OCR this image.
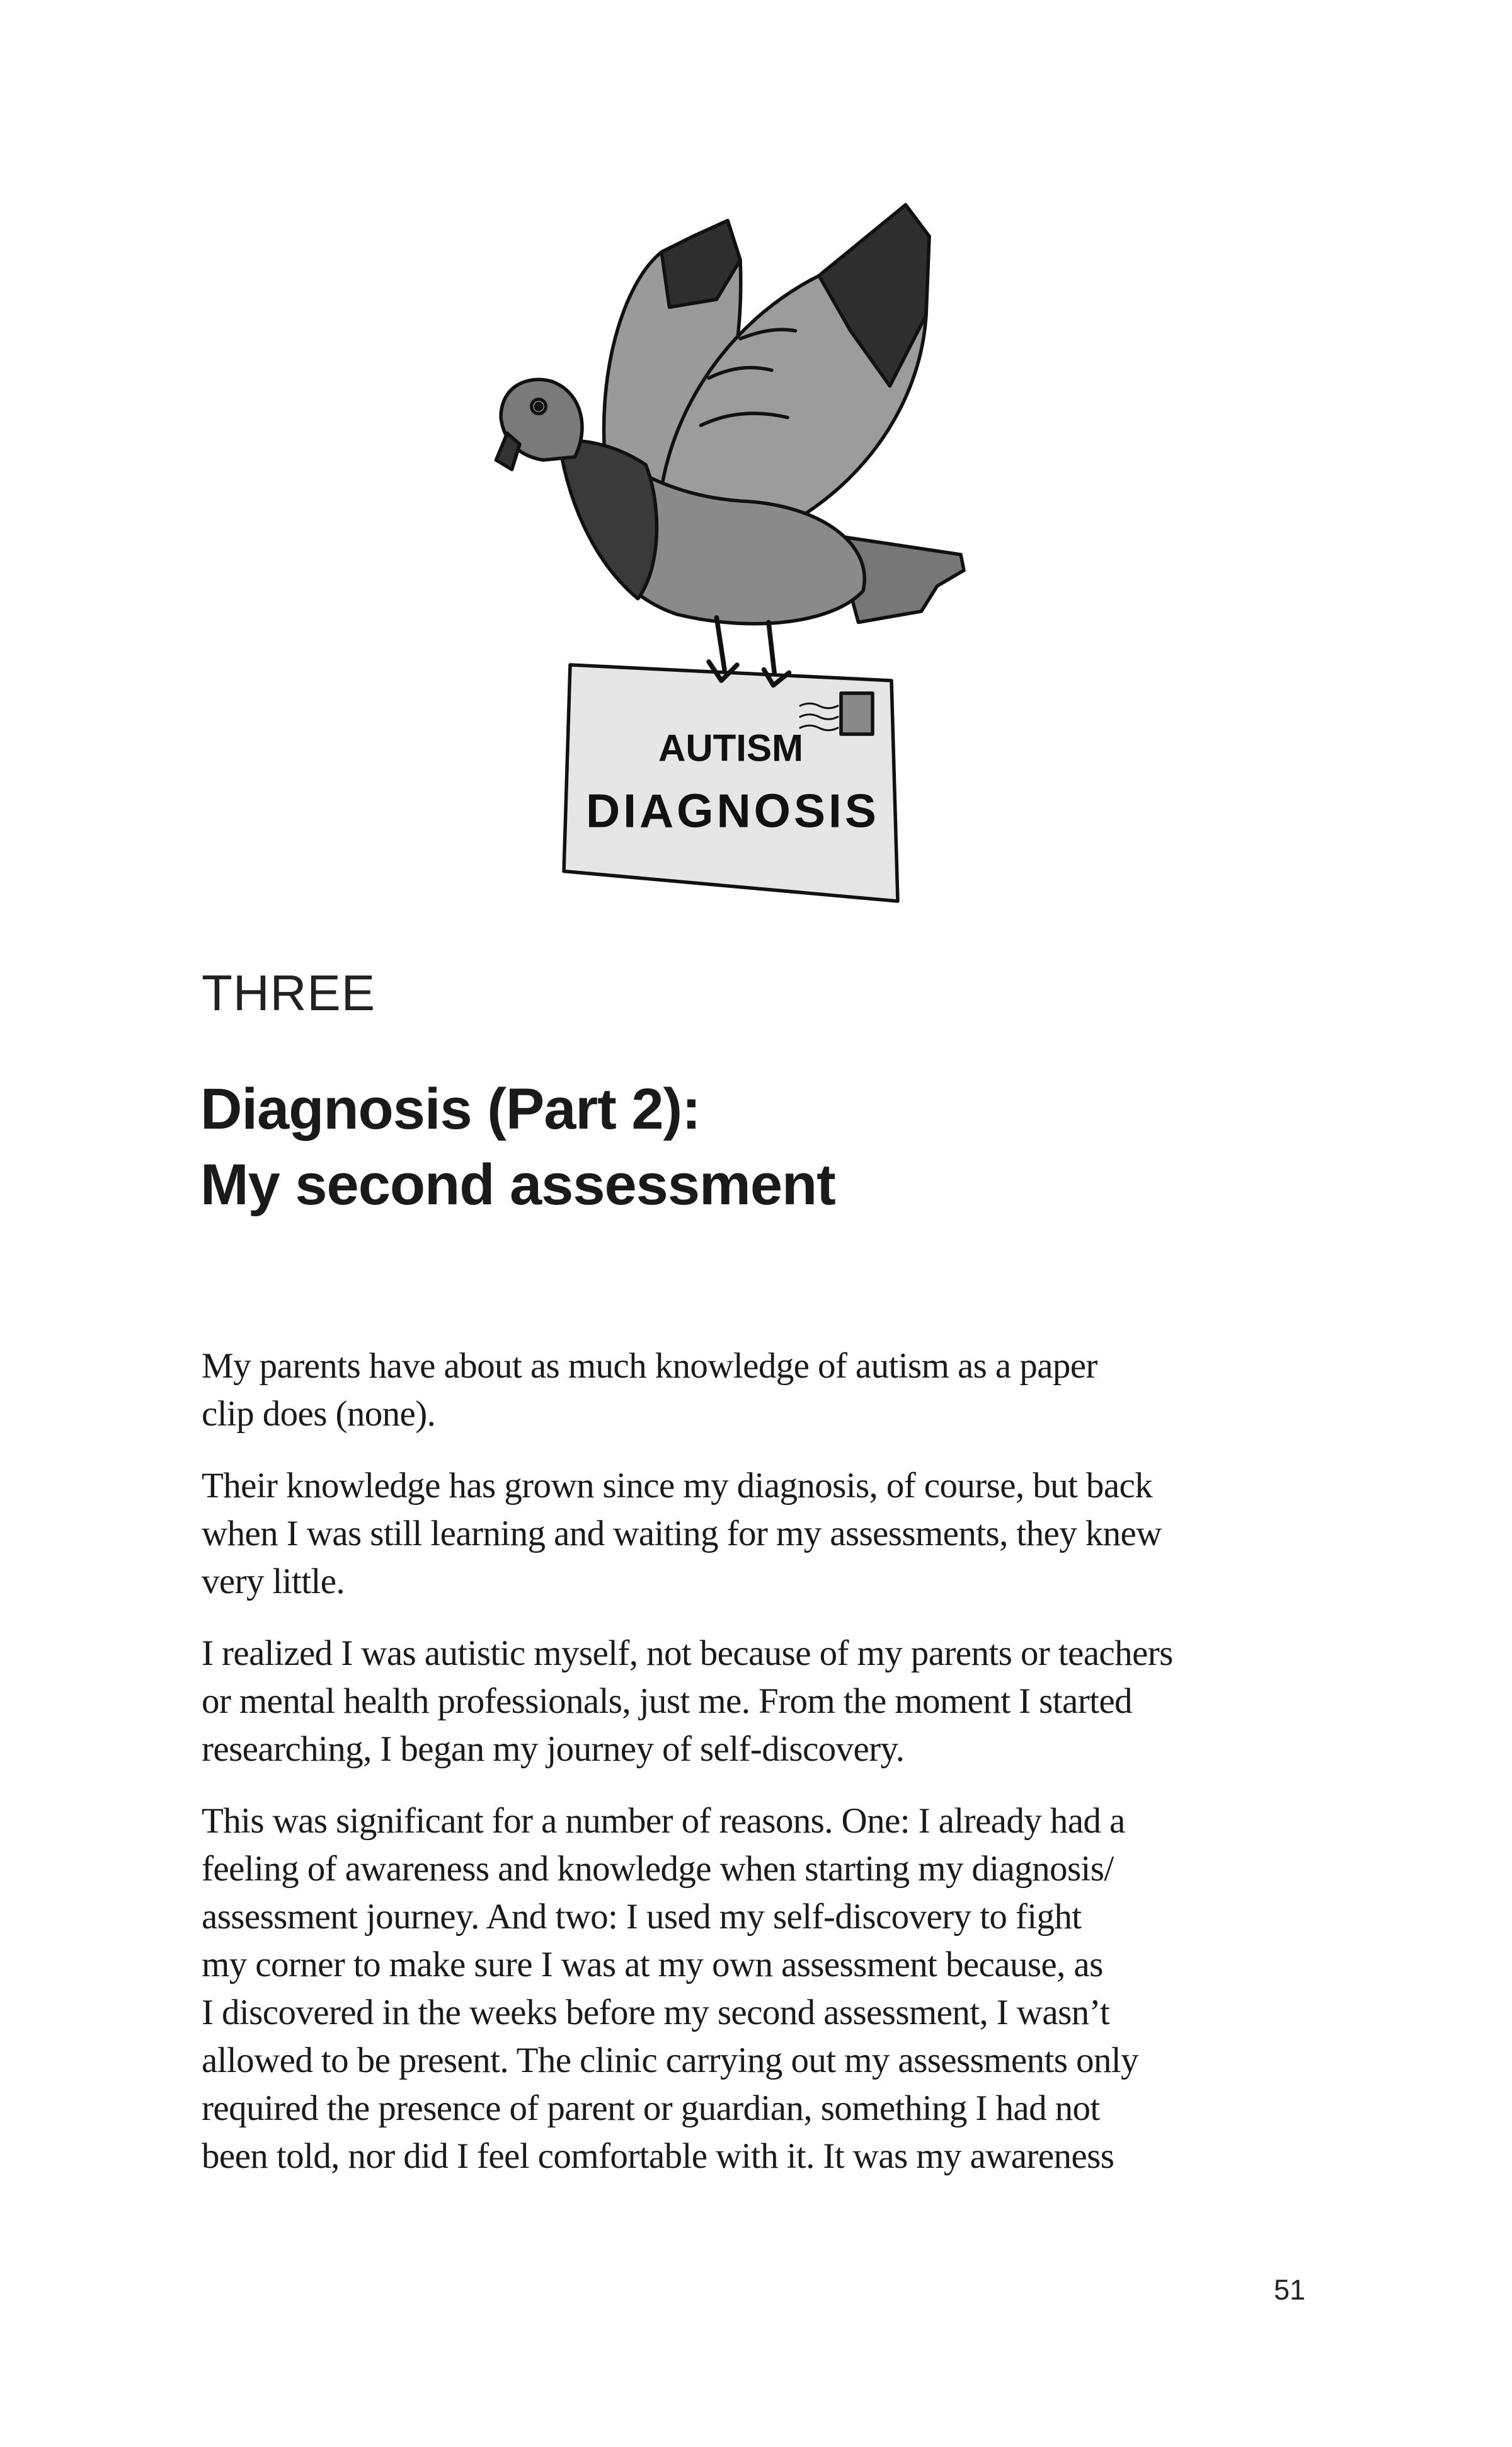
AUTISM
DIAGNOSIS
THREE
Diagnosis (Part 2):
My second assessment

My parents have about as much knowledge of autism as a paper
clip does (none).

Their knowledge has grown since my diagnosis, of course, but back
when I was still learning and waiting for my assessments, they knew
very little.

I realized I was autistic myself, not because of my parents or teachers
or mental health professionals, just me. From the moment I started
researching, I began my journey of self-discovery.

This was significant for a number of reasons. One: I already had a
feeling of awareness and knowledge when starting my diagnosis/
assessment journey. And two: I used my self-discovery to fight
my corner to make sure I was at my own assessment because, as
I discovered in the weeks before my second assessment, I wasn’t
allowed to be present. The clinic carrying out my assessments only
required the presence of parent or guardian, something I had not
been told, nor did I feel comfortable with it. It was my awareness

51
